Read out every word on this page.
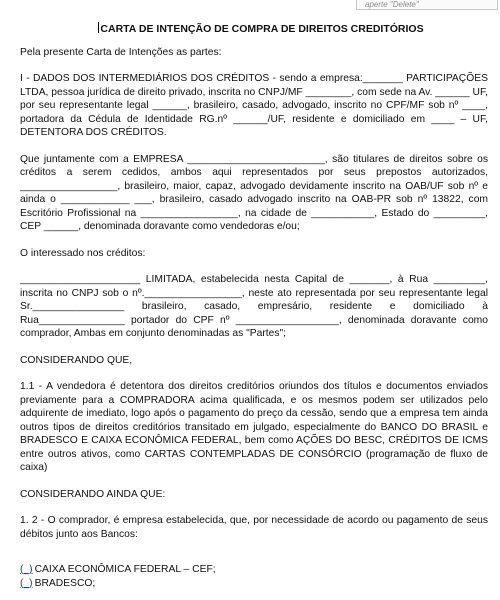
aperte "Delete"
CARTA DE INTENÇÃO DE COMPRA DE DIREITOS CREDITÓRIOS

Pela presente Carta de Intenções as partes:

I - DADOS DOS INTERMEDIÁRIOS DOS CRÉDITOS - sendo a empresa:_______ PARTICIPAÇÕES LTDA, pessoa jurídica de direito privado, inscrita no CNPJ/MF ________, com sede na Av. ______ UF, por seu representante legal ______, brasileiro, casado, advogado, inscrito no CPF/MF sob nº ____, portadora da Cédula de Identidade RG.nº ______/UF, residente e domiciliado em ____ – UF, DETENTORA DOS CRÉDITOS.

Que juntamente com a EMPRESA ________________________, são titulares de direitos sobre os créditos a serem cedidos, ambos aqui representados por seus prepostos autorizados, _________________, brasileiro, maior, capaz, advogado devidamente inscrito na OAB/UF sob nº e ainda o ____________ ___, brasileiro, casado advogado inscrito na OAB-PR sob nº 13822, com Escritório Profissional na _________________, na cidade de ___________, Estado do _________, CEP ______, denominada doravante como vendedoras e/ou;

O interessado nos créditos:

_____________________ LIMITADA, estabelecida nesta Capital de _______, à Rua _________, inscrita no CNPJ sob o nº._________________, neste ato representada por seu representante legal Sr.________________ brasileiro, casado, empresário, residente e domiciliado à Rua_______________ portador do CPF nº __________________, denominada doravante como comprador, Ambas em conjunto denominadas as "Partes";

CONSIDERANDO QUE,

1.1 - A vendedora é detentora dos direitos creditórios oriundos dos títulos e documentos enviados previamente para a COMPRADORA acima qualificada, e os mesmos podem ser utilizados pelo adquirente de imediato, logo após o pagamento do preço da cessão, sendo que a empresa tem ainda outros tipos de direitos creditórios transitado em julgado, especialmente do BANCO DO BRASIL e BRADESCO E CAIXA ECONÔMICA FEDERAL, bem como AÇÕES DO BESC, CRÉDITOS DE ICMS entre outros ativos, como CARTAS CONTEMPLADAS DE CONSÓRCIO (programação de fluxo de caixa)

CONSIDERANDO AINDA QUE:

1. 2 - O comprador, é empresa estabelecida, que, por necessidade de acordo ou pagamento de seus débitos junto aos Bancos:

(_) CAIXA ECONÔMICA FEDERAL – CEF;
(_) BRADESCO;
